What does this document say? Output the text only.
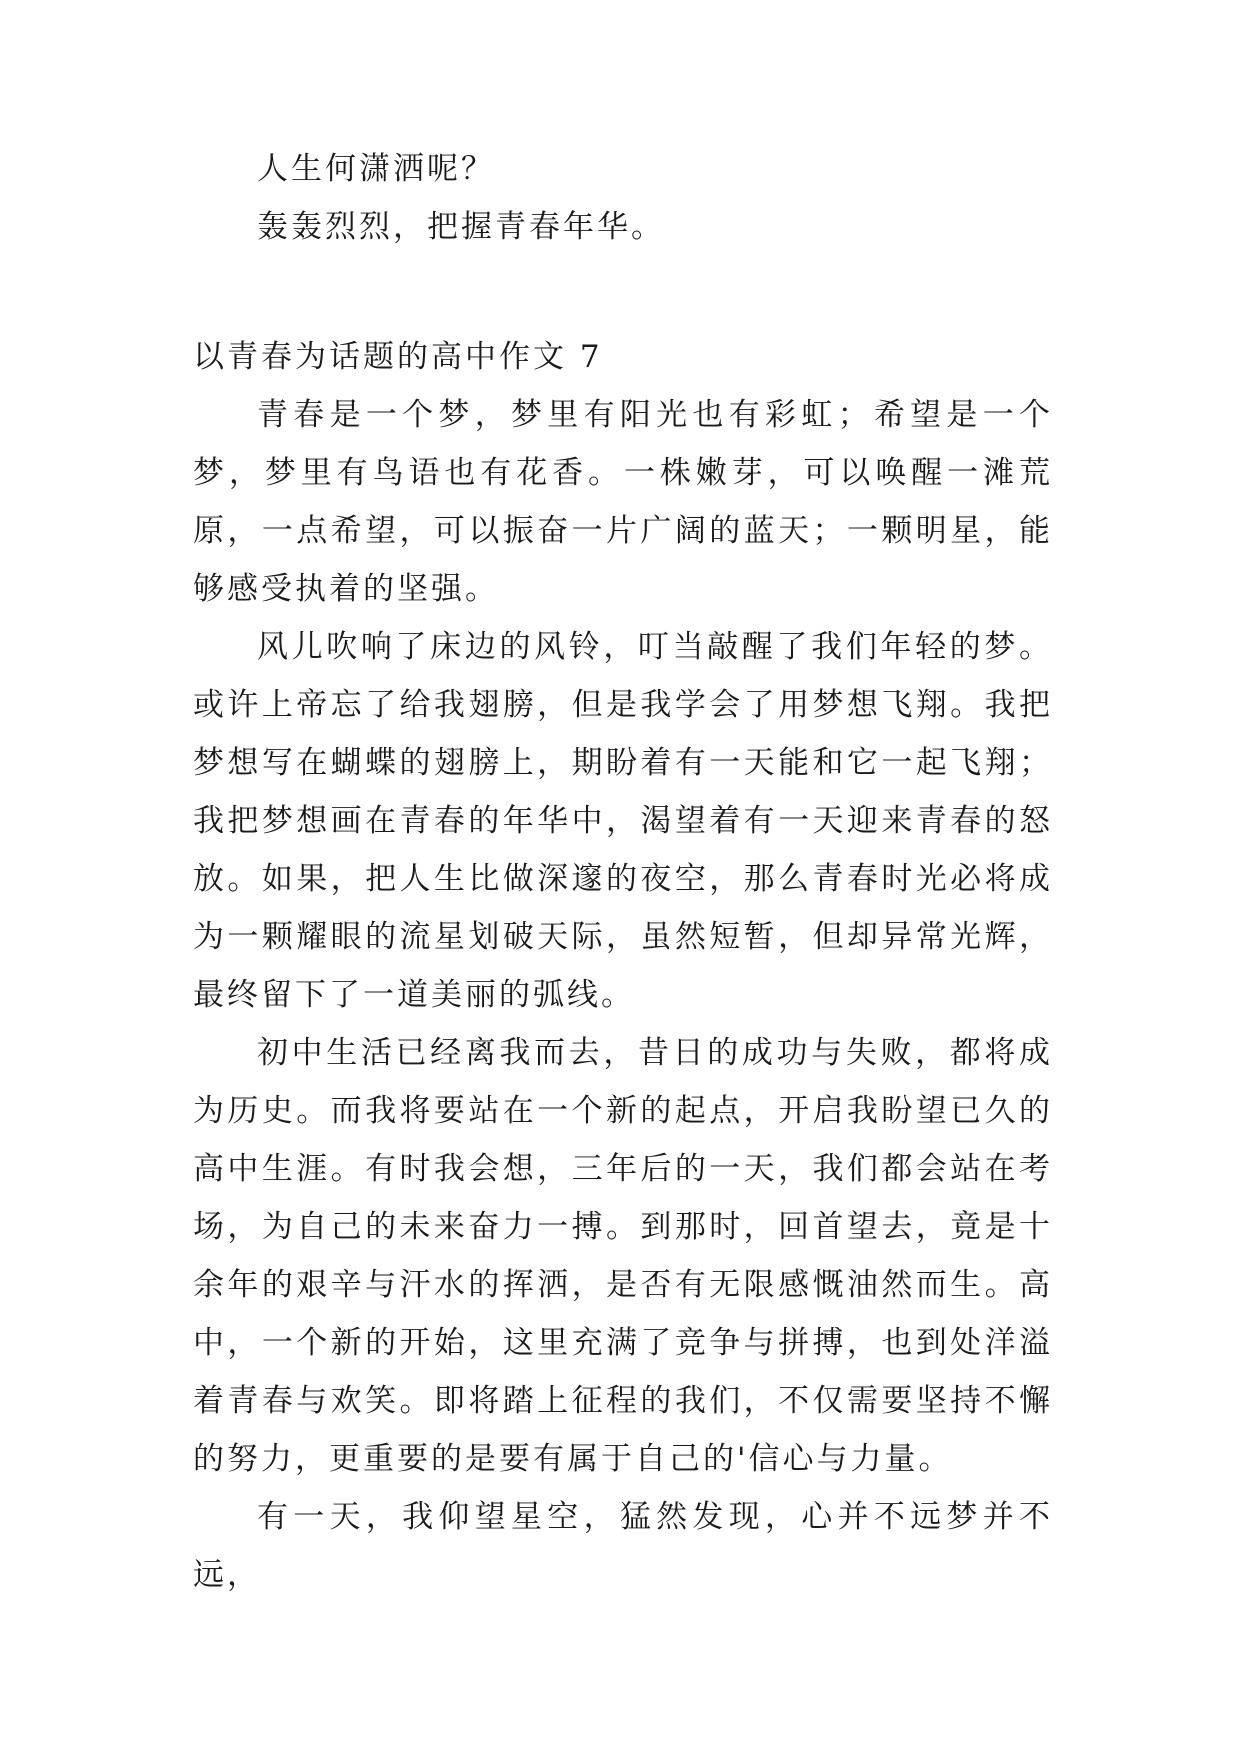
人生何潇洒呢？

轰轰烈烈，把握青春年华。

以青春为话题的高中作文 7

青春是一个梦，梦里有阳光也有彩虹；希望是一个梦，梦里有鸟语也有花香。一株嫩芽，可以唤醒一滩荒原，一点希望，可以振奋一片广阔的蓝天；一颗明星，能够感受执着的坚强。

风儿吹响了床边的风铃，叮当敲醒了我们年轻的梦。或许上帝忘了给我翅膀，但是我学会了用梦想飞翔。我把梦想写在蝴蝶的翅膀上，期盼着有一天能和它一起飞翔；我把梦想画在青春的年华中，渴望着有一天迎来青春的怒放。如果，把人生比做深邃的夜空，那么青春时光必将成为一颗耀眼的流星划破天际，虽然短暂，但却异常光辉，最终留下了一道美丽的弧线。

初中生活已经离我而去，昔日的成功与失败，都将成为历史。而我将要站在一个新的起点，开启我盼望已久的高中生涯。有时我会想，三年后的一天，我们都会站在考场，为自己的未来奋力一搏。到那时，回首望去，竟是十余年的艰辛与汗水的挥洒，是否有无限感慨油然而生。高中，一个新的开始，这里充满了竞争与拼搏，也到处洋溢着青春与欢笑。即将踏上征程的我们，不仅需要坚持不懈的努力，更重要的是要有属于自己的'信心与力量。

有一天，我仰望星空，猛然发现，心并不远梦并不远，
